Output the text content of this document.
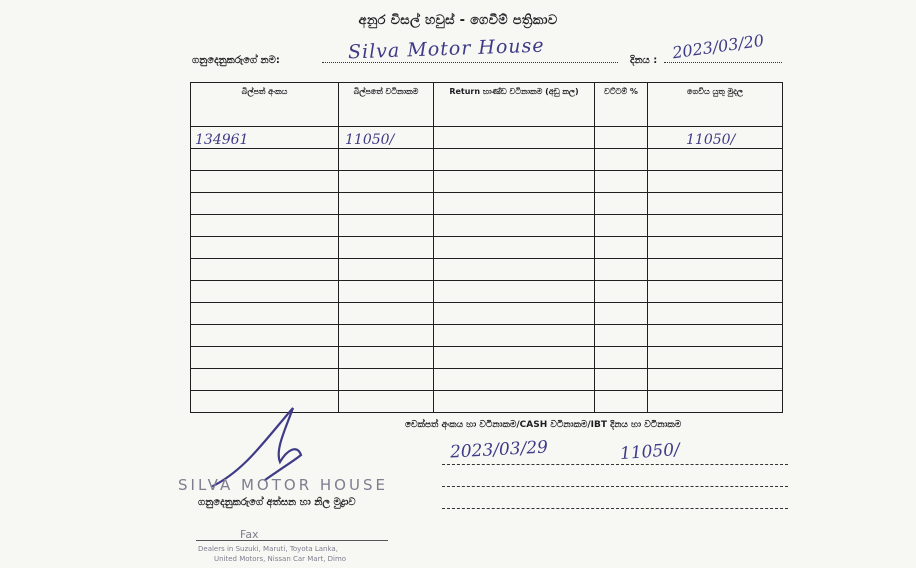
අනුර විසල් හවුස් - ගෙවීම් පත්‍රිකාව
ගනුදෙනුකරුගේ නම:	Silva Motor House	දිනය : 2023/03/20
බිල්පත් අංකය	බිල්පතේ වටිනාකම	Return භාණ්ඩ වටිනාකම (අඩු කල)	වට්ටම් %	ගෙවිය යුතු මුදල
134961	11050/			11050/

චෙක්පත් අංකය හා වටිනාකම/CASH වටිනාකම/IBT දිනය හා වටිනාකම
2023/03/29	11050/
SILVA MOTOR HOUSE
ගනුදෙනුකරුගේ අත්සන හා නිල මුද්‍රාව
Fax
Dealers in Suzuki, Maruti, Toyota Lanka,
United Motors, Nissan Car Mart, Dimo
